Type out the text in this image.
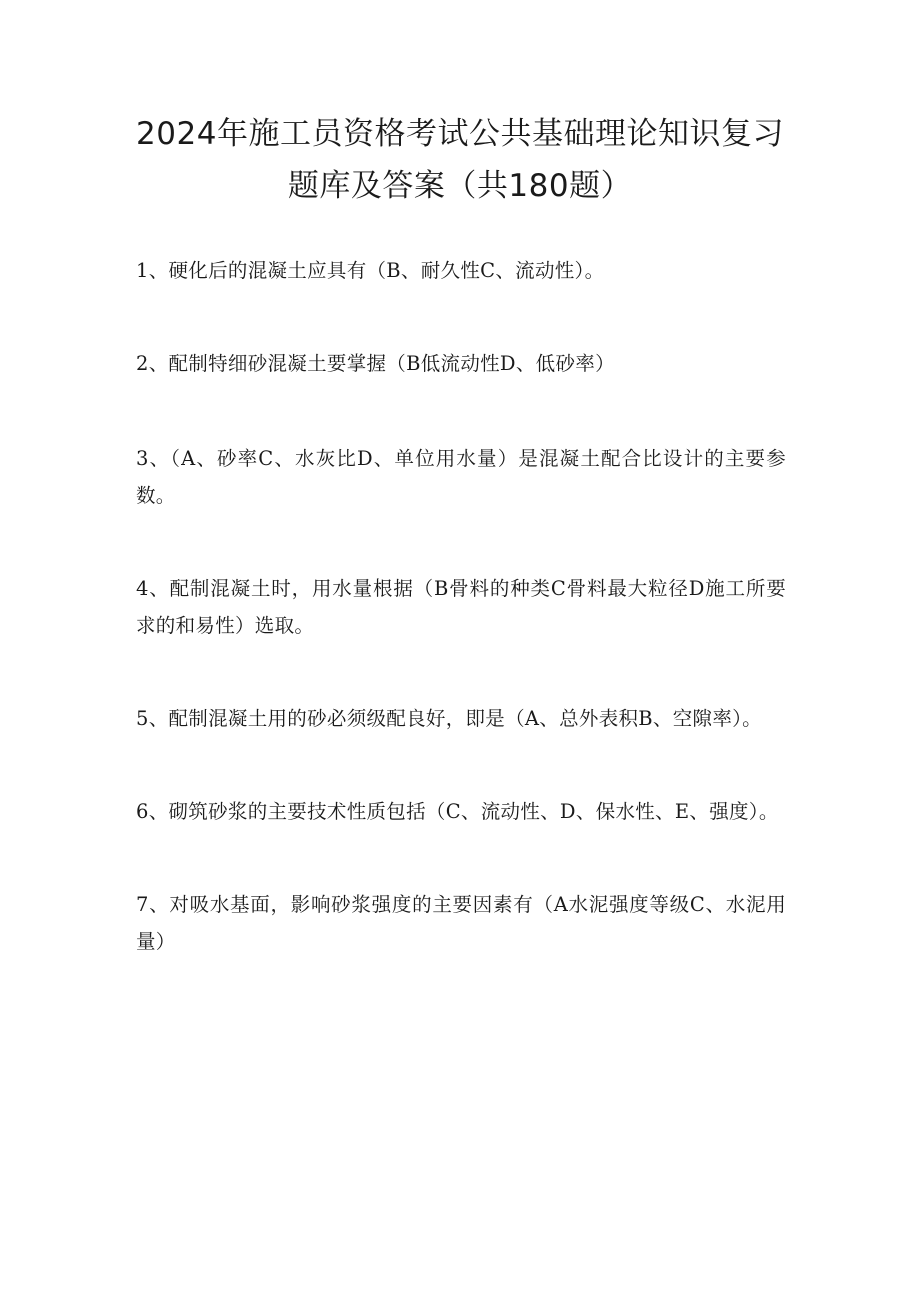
2024年施工员资格考试公共基础理论知识复习
题库及答案（共180题）
1、硬化后的混凝土应具有（B、耐久性C、流动性）。
2、配制特细砂混凝土要掌握（B低流动性D、低砂率）
3、（A、砂率C、水灰比D、单位用水量）是混凝土配合比设计的主要参数。
4、配制混凝土时，用水量根据（B骨料的种类C骨料最大粒径D施工所要求的和易性）选取。
5、配制混凝土用的砂必须级配良好，即是（A、总外表积B、空隙率）。
6、砌筑砂浆的主要技术性质包括（C、流动性、D、保水性、E、强度）。
7、对吸水基面，影响砂浆强度的主要因素有（A水泥强度等级C、水泥用量）
